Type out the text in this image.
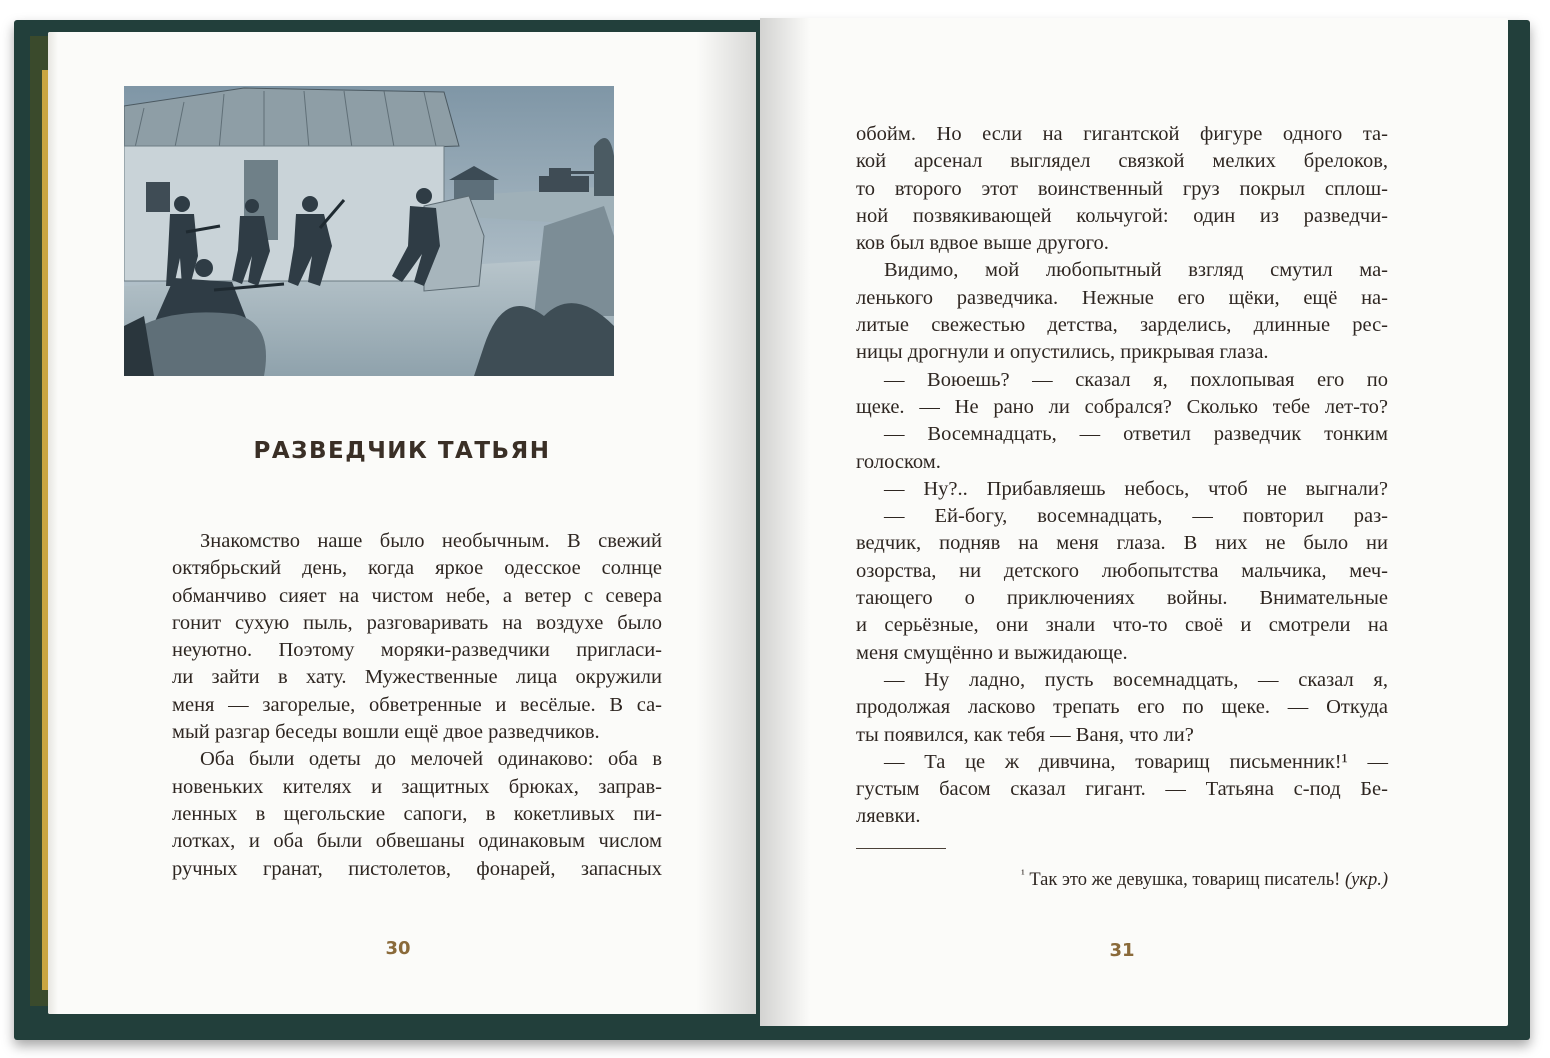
РАЗВЕДЧИК ТАТЬЯН
Знакомство наше было необычным. В свежий
октябрьский день, когда яркое одесское солнце
обманчиво сияет на чистом небе, а ветер с севера
гонит сухую пыль, разговаривать на воздухе было
неуютно. Поэтому моряки-разведчики пригласи-
ли зайти в хату. Мужественные лица окружили
меня — загорелые, обветренные и весёлые. В са-
мый разгар беседы вошли ещё двое разведчиков.
Оба были одеты до мелочей одинаково: оба в
новеньких кителях и защитных брюках, заправ-
ленных в щегольские сапоги, в кокетливых пи-
лотках, и оба были обвешаны одинаковым числом
ручных гранат, пистолетов, фонарей, запасных
30
обойм. Но если на гигантской фигуре одного та-
кой арсенал выглядел связкой мелких брелоков,
то второго этот воинственный груз покрыл сплош-
ной позвякивающей кольчугой: один из разведчи-
ков был вдвое выше другого.
Видимо, мой любопытный взгляд смутил ма-
ленького разведчика. Нежные его щёки, ещё на-
литые свежестью детства, зарделись, длинные рес-
ницы дрогнули и опустились, прикрывая глаза.
— Воюешь? — сказал я, похлопывая его по
щеке. — Не рано ли собрался? Сколько тебе лет-то?
— Восемнадцать, — ответил разведчик тонким
голоском.
— Ну?.. Прибавляешь небось, чтоб не выгнали?
— Ей-богу, восемнадцать, — повторил раз-
ведчик, подняв на меня глаза. В них не было ни
озорства, ни детского любопытства мальчика, меч-
тающего о приключениях войны. Внимательные
и серьёзные, они знали что-то своё и смотрели на
меня смущённо и выжидающе.
— Ну ладно, пусть восемнадцать, — сказал я,
продолжая ласково трепать его по щеке. — Откуда
ты появился, как тебя — Ваня, что ли?
— Та це ж дивчина, товарищ письменник!¹ —
густым басом сказал гигант. — Татьяна с-под Бе-
ляевки.
$^{^1}$ Так это же девушка, товарищ писатель! (укр.)
31
